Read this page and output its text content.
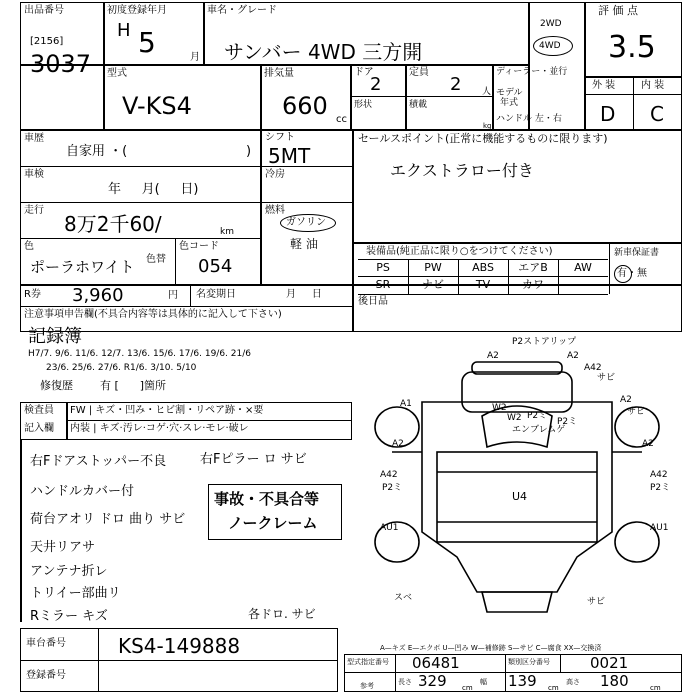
出品番号
[2156]
3037
初度登録年月
H 5	月
車名・グレード
サンバー 4WD 三方開
2WD
4WD
評 価 点
3.5
外 装	内 装
D C
型式
V-KS4
排気量
660 cc
ドア
2
定員
2 人
形状	積載
kg
ディーラー・並行
モデル
年式
ハンドル 左・右
車歴
自家用 ・(	)
シフト
5MT
車検
年     月(     日)
冷房
走行
8万2千60/	km
燃料
ガソリン
軽 油
色
ポーラホワイト 色替
色コード
054
R券 3,960	円 名変期日	月     日
注意事項申告欄(不具合内容等は具体的に記入して下さい)
記録簿
H7/7. 9/6. 11/6. 12/7. 13/6. 15/6. 17/6. 19/6. 21/6
23/6. 25/6. 27/6. R1/6. 3/10. 5/10
修復歴 有 [      ]箇所
セールスポイント(正常に機能するものに限ります)
エクストラロー付き
装備品(純正品に限り○をつけてください)	新車保証書
有・無
PS	PW	ABS	エアB	AW
SR	ナビ	TV	カワ
後日品
検査員
記入欄
FW | キズ・凹み・ヒビ割・リペア跡・×要
内装 | キズ·汚レ·コゲ·穴·スレ·モレ·破レ
右Fドアストッパー不良
ハンドルカバー付
荷台アオリ ドロ 曲り サビ
天井リアサ
アンテナ折レ
トリイー部曲リ
Rミラー キズ
右Fピラー ロ サビ
各ドロ. サビ
事故・不具合等
ノークレーム
P2ストアリップ
A2	A2
A42
サビ
A1	W2
A2
P2ミ
W2	P2ミ
エンブレムゲ
サビ
A2	A2
A42
P2ミ
A42
P2ミ
U4
AU1	AU1
スベ	サビ
A—キズ E—エクボ U—凹み W—補修跡 S—サビ C—腐食 XX—交換済
車台番号	KS4-149888
登録番号
型式指定番号 06481	類別区分番号	0021
参考	長さ 329 cm
幅 139 cm
高さ 180	cm
